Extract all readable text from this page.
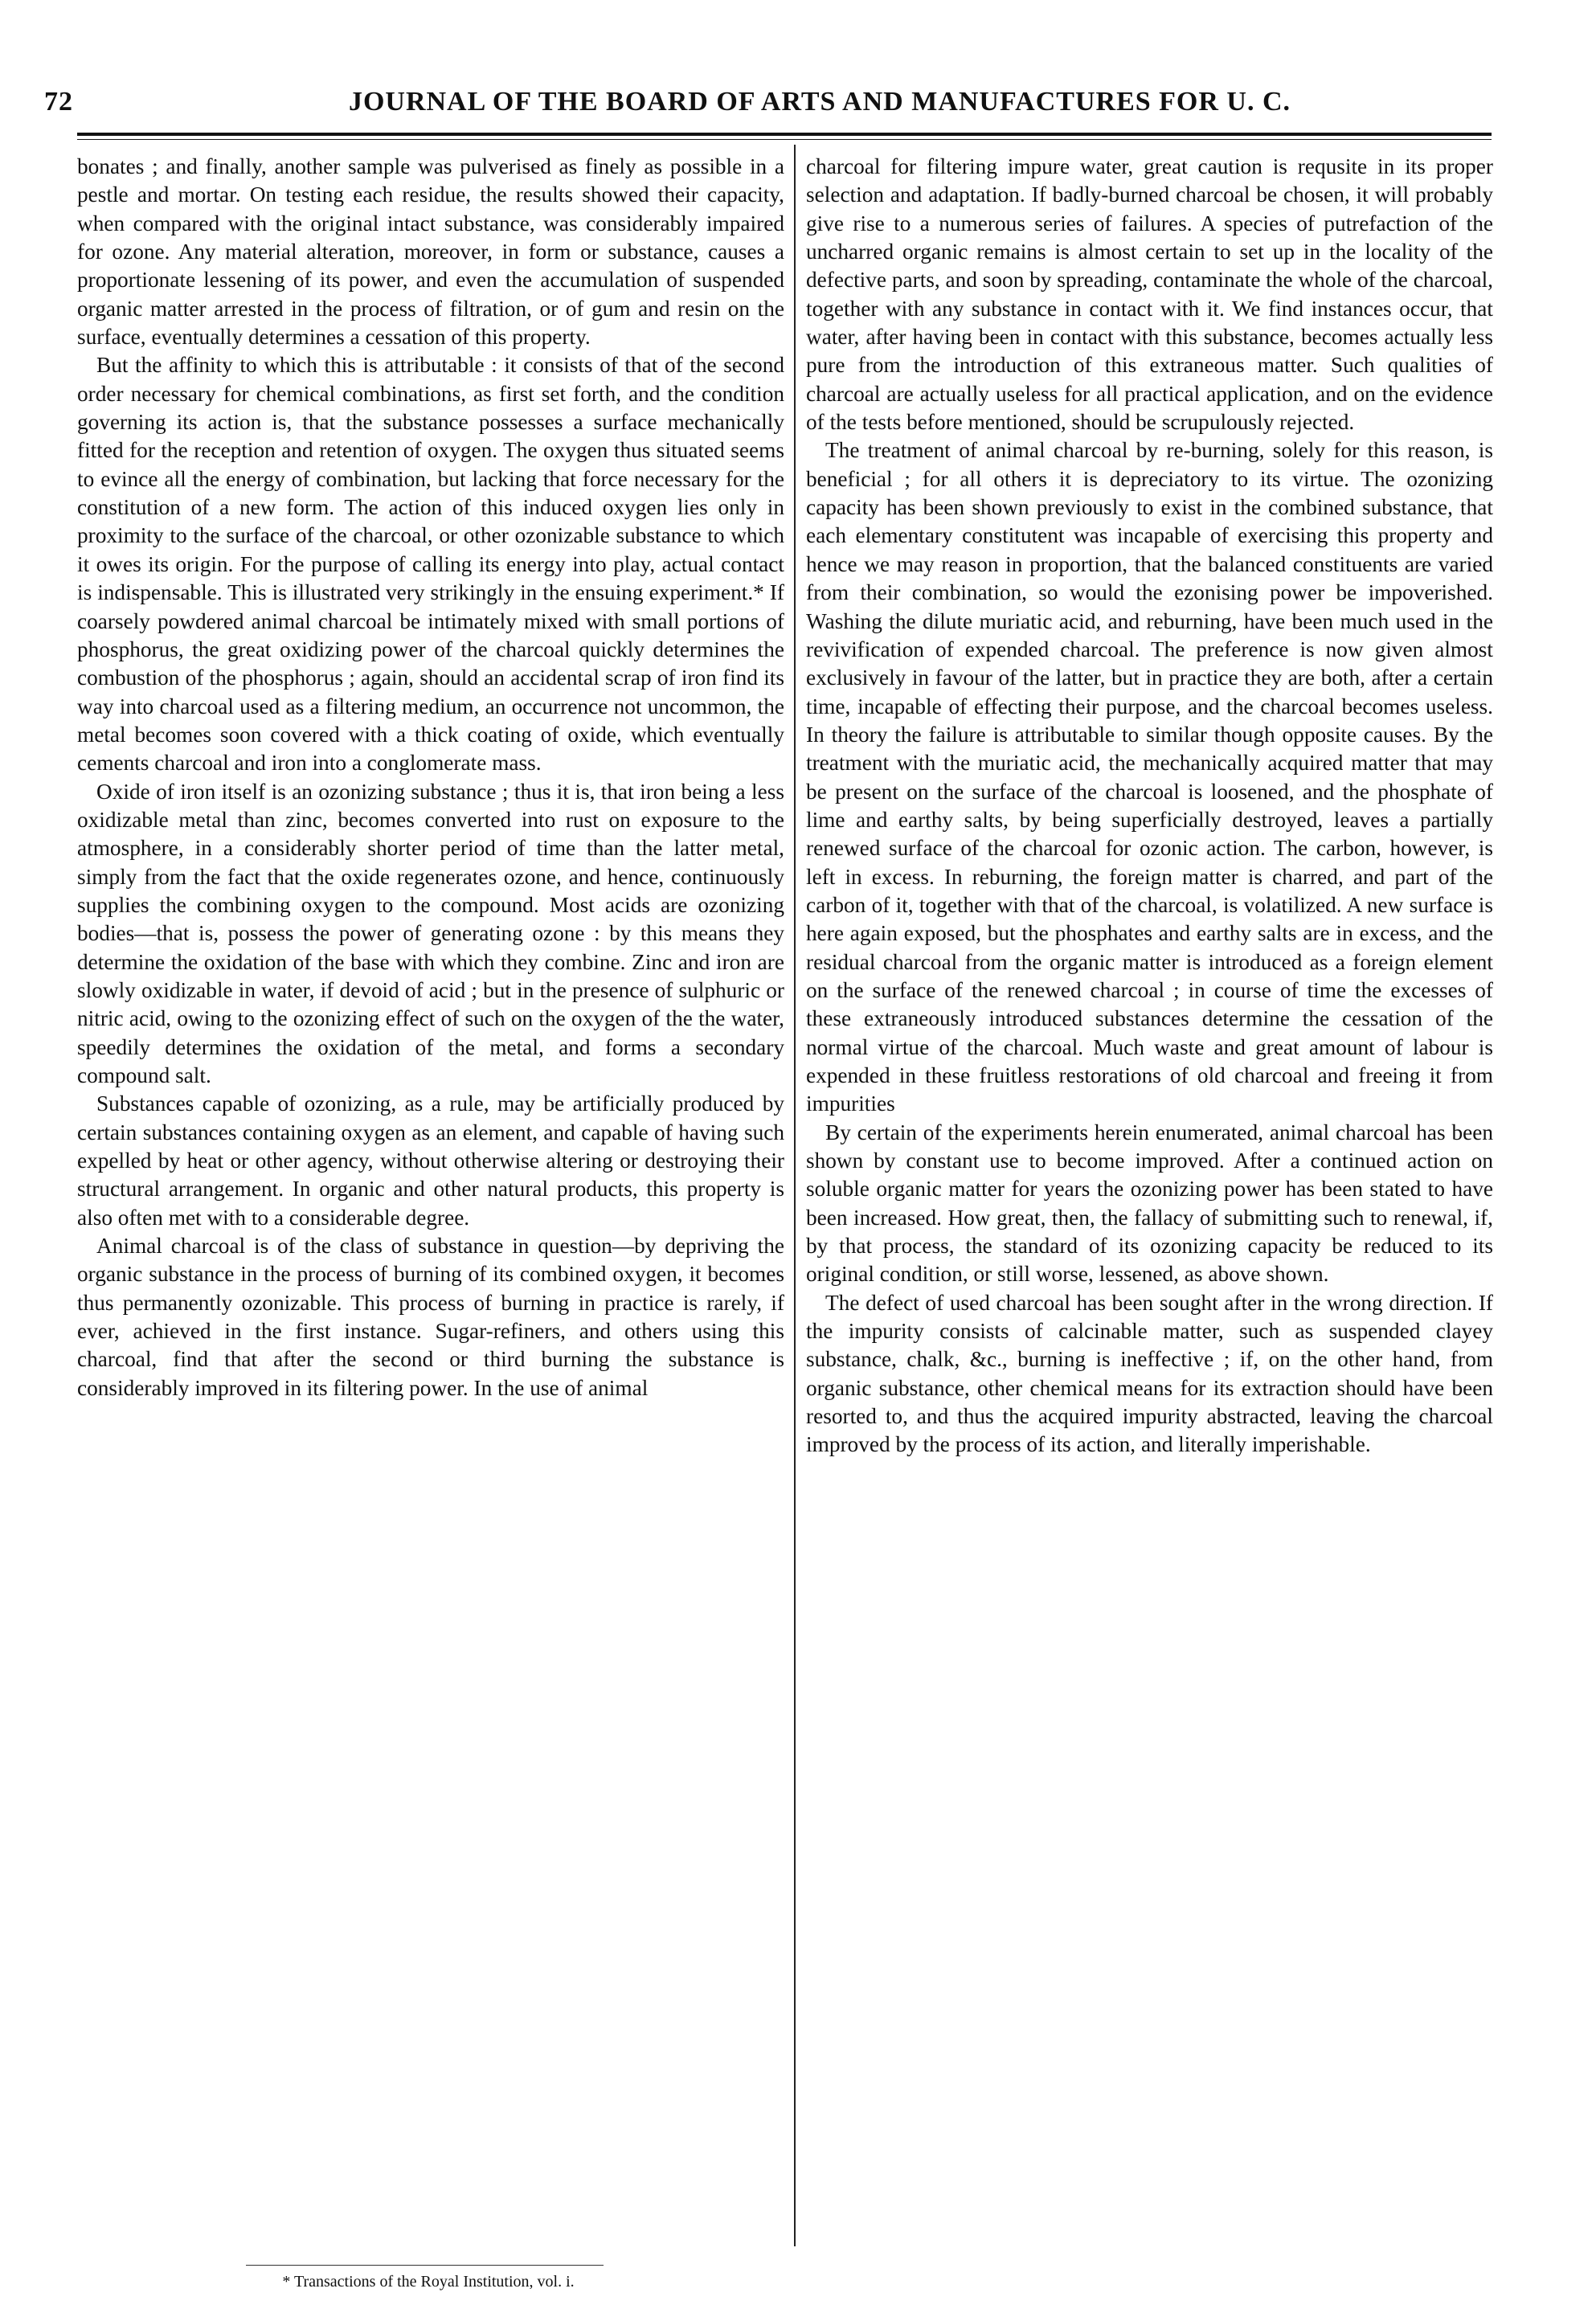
72	JOURNAL OF THE BOARD OF ARTS AND MANUFACTURES FOR U. C.

bonates ; and finally, another sample was pulverised as finely as possible in a pestle and mortar. On testing each residue, the results showed their capacity, when compared with the original intact substance, was considerably impaired for ozone. Any material alteration, moreover, in form or substance, causes a proportionate lessening of its power, and even the accumulation of suspended organic matter arrested in the process of filtration, or of gum and resin on the surface, eventually determines a cessation of this property.

But the affinity to which this is attributable : it consists of that of the second order necessary for chemical combinations, as first set forth, and the condition governing its action is, that the substance possesses a surface mechanically fitted for the reception and retention of oxygen. The oxygen thus situated seems to evince all the energy of combination, but lacking that force necessary for the constitution of a new form. The action of this induced oxygen lies only in proximity to the surface of the charcoal, or other ozonizable substance to which it owes its origin. For the purpose of calling its energy into play, actual contact is indispensable. This is illustrated very strikingly in the ensuing experiment.* If coarsely powdered animal charcoal be intimately mixed with small portions of phosphorus, the great oxidizing power of the charcoal quickly determines the combustion of the phosphorus ; again, should an accidental scrap of iron find its way into charcoal used as a filtering medium, an occurrence not uncommon, the metal becomes soon covered with a thick coating of oxide, which eventually cements charcoal and iron into a conglomerate mass.

Oxide of iron itself is an ozonizing substance ; thus it is, that iron being a less oxidizable metal than zinc, becomes converted into rust on exposure to the atmosphere, in a considerably shorter period of time than the latter metal, simply from the fact that the oxide regenerates ozone, and hence, continuously supplies the combining oxygen to the compound. Most acids are ozonizing bodies—that is, possess the power of generating ozone : by this means they determine the oxidation of the base with which they combine. Zinc and iron are slowly oxidizable in water, if devoid of acid ; but in the presence of sulphuric or nitric acid, owing to the ozonizing effect of such on the oxygen of the the water, speedily determines the oxidation of the metal, and forms a secondary compound salt.

Substances capable of ozonizing, as a rule, may be artificially produced by certain substances containing oxygen as an element, and capable of having such expelled by heat or other agency, without otherwise altering or destroying their structural arrangement. In organic and other natural products, this property is also often met with to a considerable degree.

Animal charcoal is of the class of substance in question—by depriving the organic substance in the process of burning of its combined oxygen, it becomes thus permanently ozonizable. This process of burning in practice is rarely, if ever, achieved in the first instance. Sugar-refiners, and others using this charcoal, find that after the second or third burning the substance is considerably improved in its filtering power. In the use of animal

charcoal for filtering impure water, great caution is requsite in its proper selection and adaptation. If badly-burned charcoal be chosen, it will probably give rise to a numerous series of failures. A species of putrefaction of the uncharred organic remains is almost certain to set up in the locality of the defective parts, and soon by spreading, contaminate the whole of the charcoal, together with any substance in contact with it. We find instances occur, that water, after having been in contact with this substance, becomes actually less pure from the introduction of this extraneous matter. Such qualities of charcoal are actually useless for all practical application, and on the evidence of the tests before mentioned, should be scrupulously rejected.

The treatment of animal charcoal by re-burning, solely for this reason, is beneficial ; for all others it is depreciatory to its virtue. The ozonizing capacity has been shown previously to exist in the combined substance, that each elementary constitutent was incapable of exercising this property and hence we may reason in proportion, that the balanced constituents are varied from their combination, so would the ezonising power be impoverished. Washing the dilute muriatic acid, and reburning, have been much used in the revivification of expended charcoal. The preference is now given almost exclusively in favour of the latter, but in practice they are both, after a certain time, incapable of effecting their purpose, and the charcoal becomes useless. In theory the failure is attributable to similar though opposite causes. By the treatment with the muriatic acid, the mechanically acquired matter that may be present on the surface of the charcoal is loosened, and the phosphate of lime and earthy salts, by being superficially destroyed, leaves a partially renewed surface of the charcoal for ozonic action. The carbon, however, is left in excess. In reburning, the foreign matter is charred, and part of the carbon of it, together with that of the charcoal, is volatilized. A new surface is here again exposed, but the phosphates and earthy salts are in excess, and the residual charcoal from the organic matter is introduced as a foreign element on the surface of the renewed charcoal ; in course of time the excesses of these extraneously introduced substances determine the cessation of the normal virtue of the charcoal. Much waste and great amount of labour is expended in these fruitless restorations of old charcoal and freeing it from impurities

By certain of the experiments herein enumerated, animal charcoal has been shown by constant use to become improved. After a continued action on soluble organic matter for years the ozonizing power has been stated to have been increased. How great, then, the fallacy of submitting such to renewal, if, by that process, the standard of its ozonizing capacity be reduced to its original condition, or still worse, lessened, as above shown.

The defect of used charcoal has been sought after in the wrong direction. If the impurity consists of calcinable matter, such as suspended clayey substance, chalk, &c., burning is ineffective ; if, on the other hand, from organic substance, other chemical means for its extraction should have been resorted to, and thus the acquired impurity abstracted, leaving the charcoal improved by the process of its action, and literally imperishable.

* Transactions of the Royal Institution, vol. i.
